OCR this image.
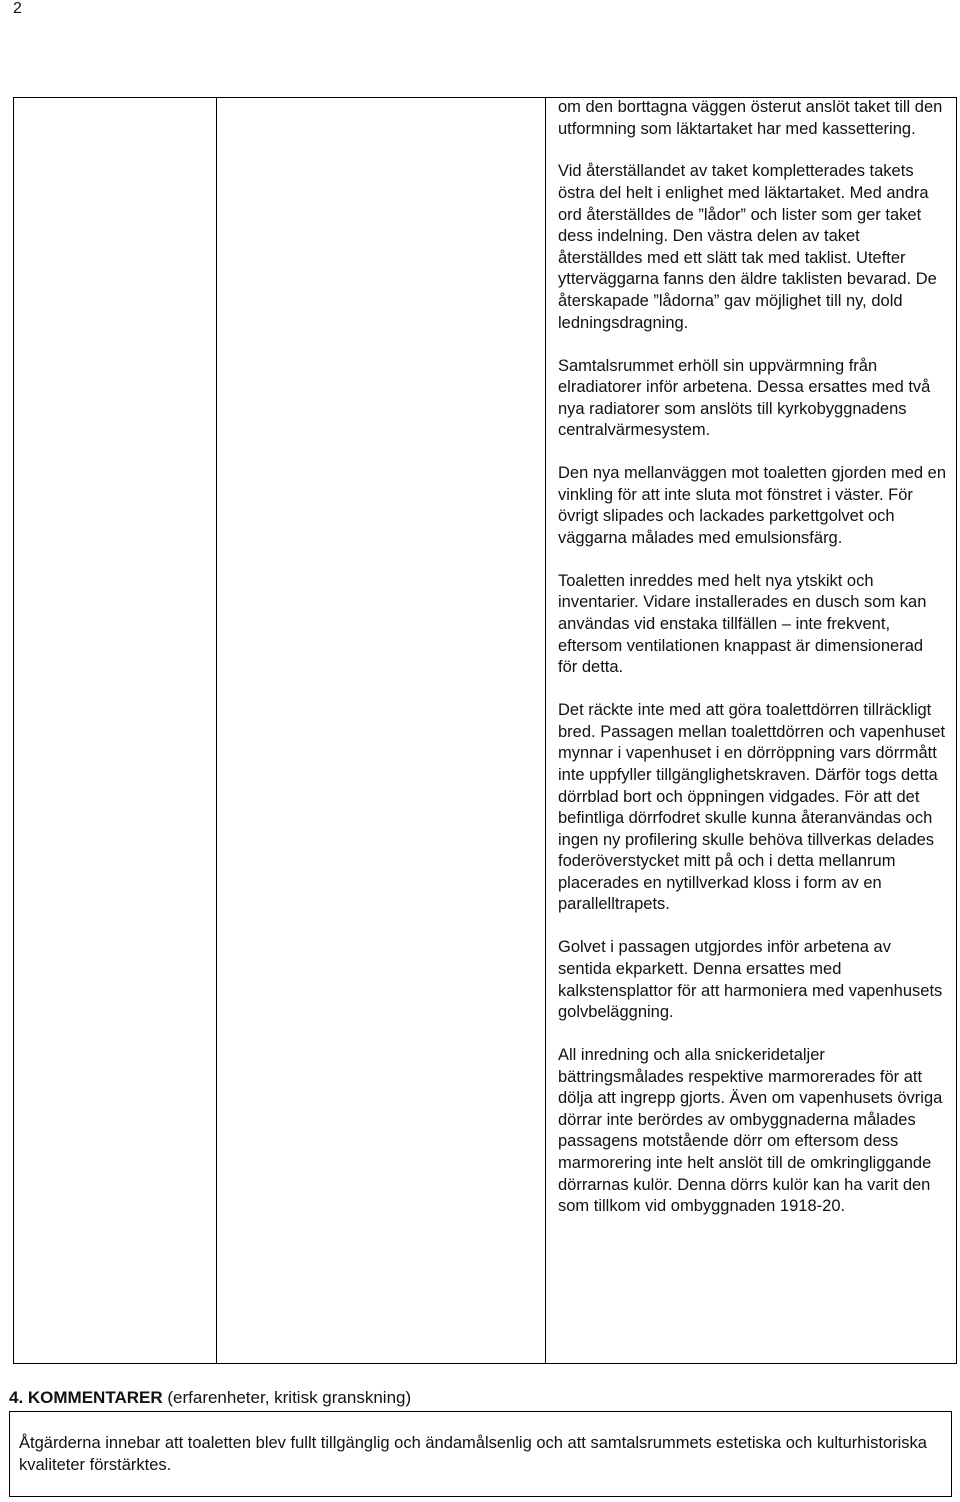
2

om den borttagna väggen österut anslöt taket till den utformning som läktartaket har med kassettering.

Vid återställandet av taket kompletterades takets östra del helt i enlighet med läktartaket. Med andra ord återställdes de ”lådor” och lister som ger taket dess indelning. Den västra delen av taket återställdes med ett slätt tak med taklist. Utefter ytterväggarna fanns den äldre taklisten bevarad. De återskapade ”lådorna” gav möjlighet till ny, dold ledningsdragning.

Samtalsrummet erhöll sin uppvärmning från elradiatorer inför arbetena. Dessa ersattes med två nya radiatorer som anslöts till kyrkobyggnadens centralvärmesystem.

Den nya mellanväggen mot toaletten gjorden med en vinkling för att inte sluta mot fönstret i väster. För övrigt slipades och lackades parkettgolvet och väggarna målades med emulsionsfärg.

Toaletten inreddes med helt nya ytskikt och inventarier. Vidare installerades en dusch som kan användas vid enstaka tillfällen – inte frekvent, eftersom ventilationen knappast är dimensionerad för detta.

Det räckte inte med att göra toalettdörren tillräckligt bred. Passagen mellan toalettdörren och vapenhuset mynnar i vapenhuset i en dörröppning vars dörrmått inte uppfyller tillgänglighetskraven. Därför togs detta dörrblad bort och öppningen vidgades. För att det befintliga dörrfodret skulle kunna återanvändas och ingen ny profilering skulle behöva tillverkas delades foderöverstycket mitt på och i detta mellanrum placerades en nytillverkad kloss i form av en parallelltrapets.

Golvet i passagen utgjordes inför arbetena av sentida ekparkett. Denna ersattes med kalkstensplattor för att harmoniera med vapenhusets golvbeläggning.

All inredning och alla snickeridetaljer bättringsmålades respektive marmorerades för att dölja att ingrepp gjorts. Även om vapenhusets övriga dörrar inte berördes av ombyggnaderna målades passagens motstående dörr om eftersom dess marmorering inte helt anslöt till de omkringliggande dörrarnas kulör. Denna dörrs kulör kan ha varit den som tillkom vid ombyggnaden 1918-20.

4. KOMMENTARER (erfarenheter, kritisk granskning)

Åtgärderna innebar att toaletten blev fullt tillgänglig och ändamålsenlig och att samtalsrummets estetiska och kulturhistoriska kvaliteter förstärktes.
